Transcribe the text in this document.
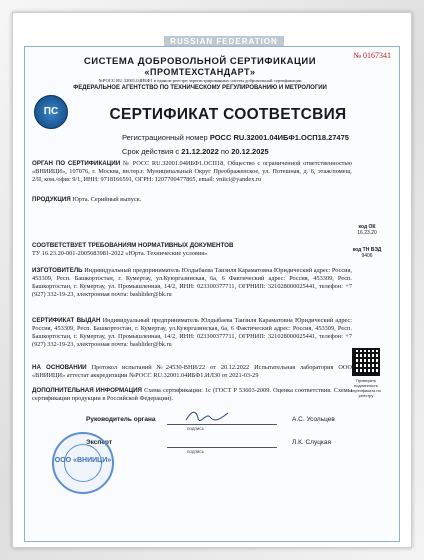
RUSSIAN FEDERATION
№ 0167341
СИСТЕМА ДОБРОВОЛЬНОЙ СЕРТИФИКАЦИИ
«ПРОМТЕХСТАНДАРТ»
№РОСС RU.32001.04ИБФ1 в едином реестре зарегистрированных систем добровольной сертификации
ФЕДЕРАЛЬНОЕ АГЕНТСТВО ПО ТЕХНИЧЕСКОМУ РЕГУЛИРОВАНИЮ И МЕТРОЛОГИИ
ПС	СЕРТИФИКАТ СООТВЕТСВИЯ
Регистрационный номер РОСС RU.32001.04ИБФ1.ОСП18.27475
Срок действия с 21.12.2022 по 20.12.2025
ОРГАН ПО СЕРТИФИКАЦИИ № РОСС RU.32001.04ИБФ1.ОСП18, Общество с ограниченной ответственностью «ВНИИЦИ», 107076, г. Москва, вн.тер.г. Муниципальный Округ Преображенское, ул. Потешная, д. 6, этаж/помещ. 2/II, ком./офис 9/1, ИНН: 9718166591, ОГРН: 1207700477865, email: vniici@yandex.ru
ПРОДУКЦИЯ Юрта. Серийный выпуск.
код ОК
16.23.20
код ТН ВЭД
9406
СООТВЕТСТВУЕТ ТРЕБОВАНИЯМ НОРМАТИВНЫХ ДОКУМЕНТОВ
ТУ 16.23.20-001-2005683981-2022 «Юрта. Технические условия»
ИЗГОТОВИТЕЛЬ Индивидуальный предприниматель Юлдыбаева Таизиля Караматовна Юридический адрес: Россия, 453309, Респ. Башкортостан, г. Кумертау, ул.Куюргазинская, 6а, 6 Фактический адрес: Россия, 453309, Респ. Башкортостан, г. Кумертау, ул. Промышленная, 14/2, ИНН: 023300377711, ОГРНИП: 321028000025441, телефон: +7 (927) 332-19-23, электронная почта: bashlider@bk.ru
СЕРТИФИКАТ ВЫДАН Индивидуальный предприниматель Юлдыбаева Таизиля Караматовна Юридический адрес: Россия, 453309, Респ. Башкортостан, г. Кумертау, ул.Куюргазинская, 6а, 6 Фактический адрес: Россия, 453309, Респ. Башкортостан, г. Кумертау, ул. Промышленная, 14/2, ИНН: 023300377711, ОГРНИП: 321028000025441, телефон: +7 (927) 332-19-23, электронная почта: bashlider@bk.ru
НА ОСНОВАНИИ Протокол испытаний №24530-ВНИ/22 от 20.12.2022 Испытательная лаборатория ООО «ВНИИЦИ» аттестат аккредитации №РОСС RU.32001.04ИБФ1.ИЛ30 от 2021-03-29
ДОПОЛНИТЕЛЬНАЯ ИНФОРМАЦИЯ Схема сертификации: 1с (ГОСТ Р 53603-2009. Оценка соответствия. Схемы сертификации продукции в Российской Федерации).
Проверить подлинность сертификата по реестру
Руководитель органа
Эксперт
подпись
подпись
А.С. Усольцев
Л.К. Слуцкая
ООО «ВНИИЦИ»
